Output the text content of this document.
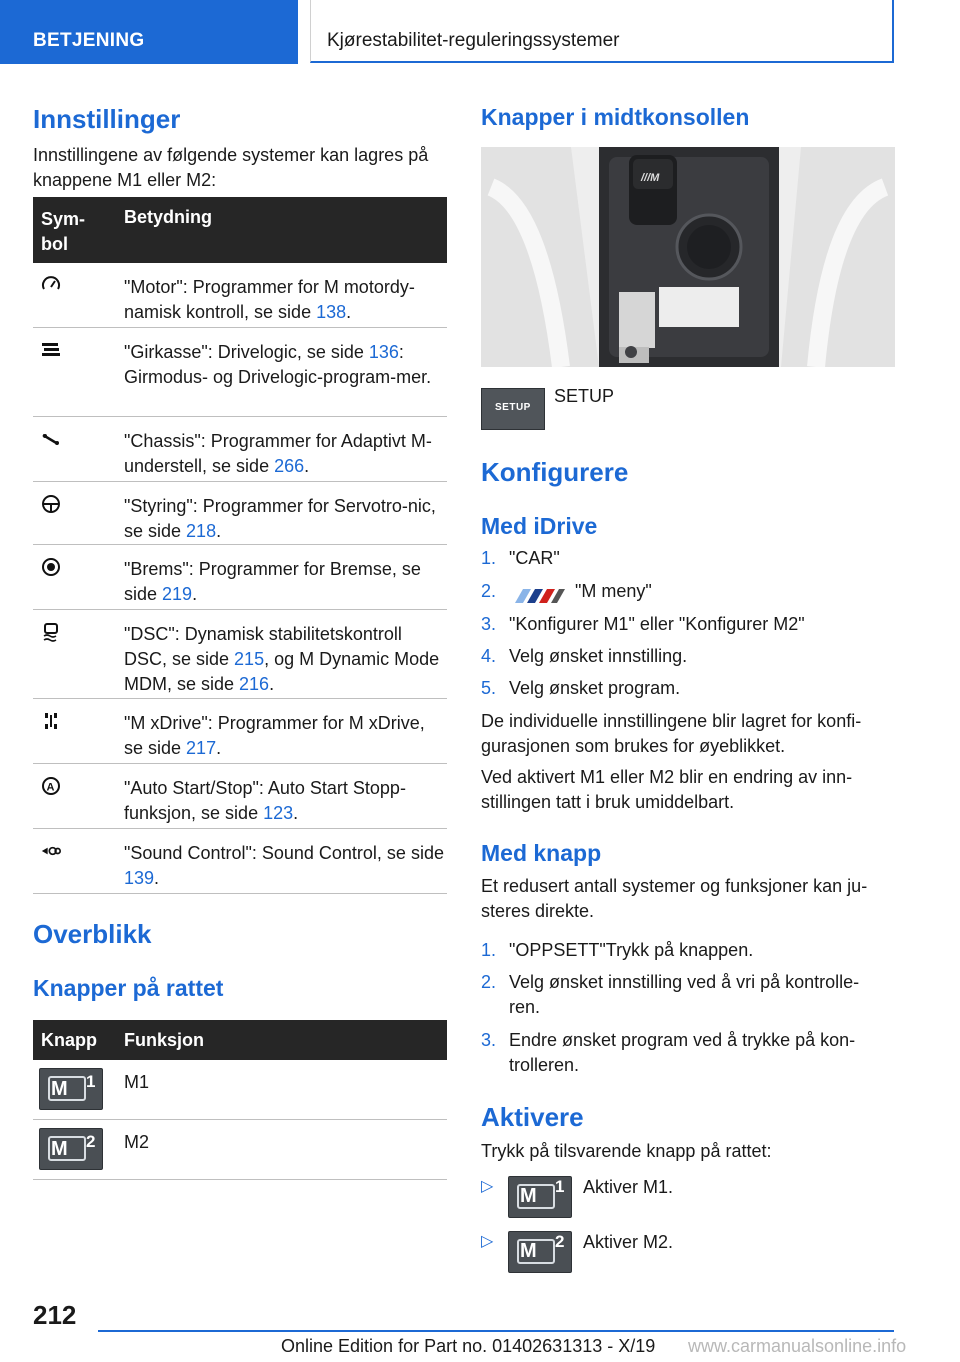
BETJENING	Kjørestabilitet-reguleringssystemer
Innstillinger

Innstillingene av følgende systemer kan lagres på knappene M1 eller M2:

Sym-bol
Betydning
"Motor": Programmer for M motordy-namisk kontroll, se side 138.
"Girkasse": Drivelogic, se side 136: Girmodus- og Drivelogic-program-mer.
"Chassis": Programmer for Adaptivt M-understell, se side 266.
"Styring": Programmer for Servotro-nic, se side 218.
"Brems": Programmer for Bremse, se side 219.
"DSC": Dynamisk stabilitetskontroll DSC, se side 215, og M Dynamic Mode MDM, se side 216.
"M xDrive": Programmer for M xDrive, se side 217.
A	"Auto Start/Stop": Auto Start Stopp-funksjon, se side 123.
"Sound Control": Sound Control, se side 139.
Overblikk
Knapper på rattet
Knapp Funksjon
M 1 M1
M 2 M2
Knapper i midtkonsollen
///M
SETUP

SETUP

Konfigurere
Med iDrive
1. "CAR"
2.	"M meny"
3. "Konfigurer M1" eller "Konfigurer M2"
4. Velg ønsket innstilling.
5. Velg ønsket program.

De individuelle innstillingene blir lagret for konfi-gurasjonen som brukes for øyeblikket.

Ved aktivert M1 eller M2 blir en endring av inn-stillingen tatt i bruk umiddelbart.

Med knapp

Et redusert antall systemer og funksjoner kan ju-steres direkte.

1. "OPPSETT"Trykk på knappen.
2. Velg ønsket innstilling ved å vri på kontrolle-ren.
3. Endre ønsket program ved å trykke på kon-trolleren.
Aktivere

Trykk på tilsvarende knapp på rattet:

▷ M 1 Aktiver M1.
▷ M 2 Aktiver M2.
212
Online Edition for Part no. 01402631313 - X/19 www.carmanualsonline.info
